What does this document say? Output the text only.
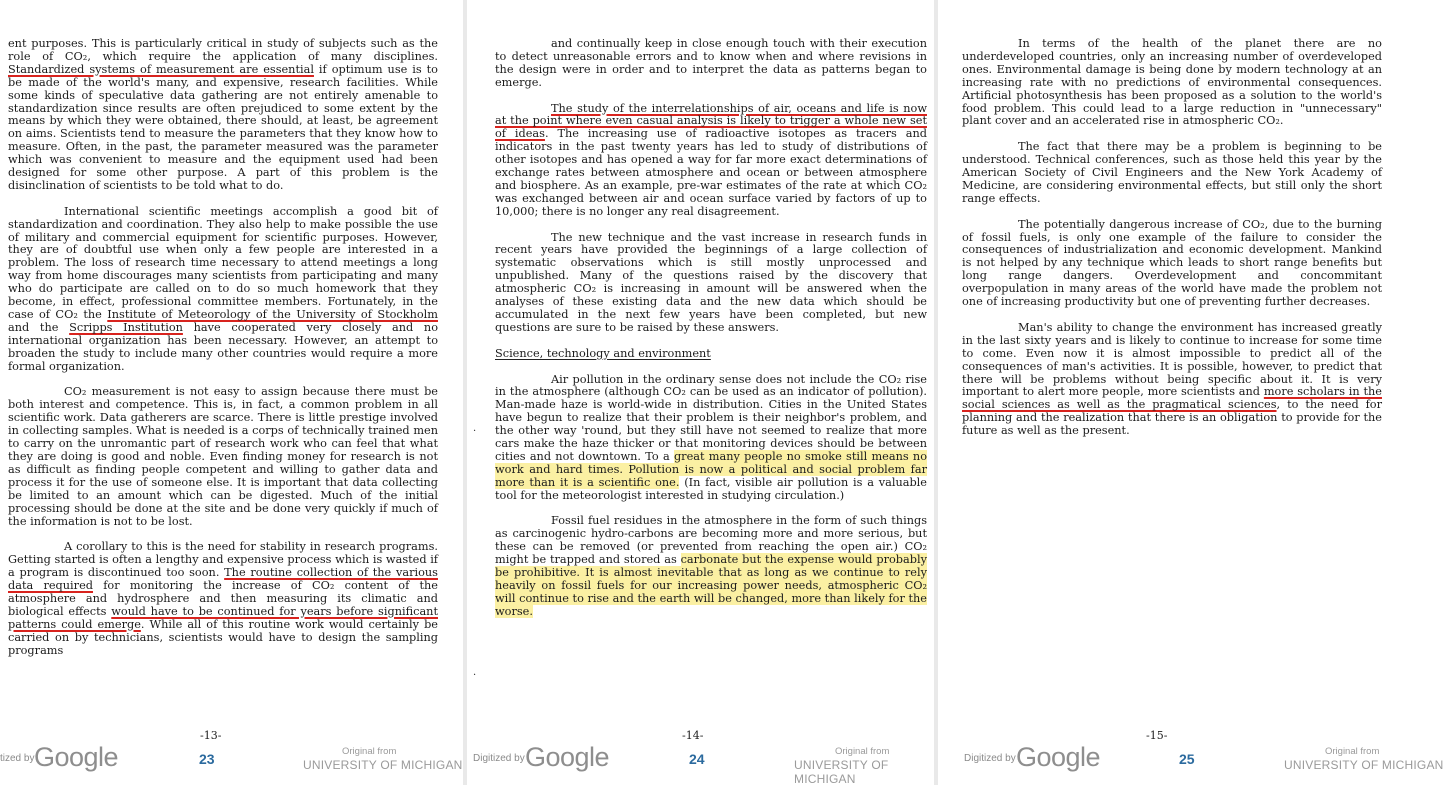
ent purposes. This is particularly critical in study of subjects such as the role of CO₂, which require the application of many disciplines. Standardized systems of measurement are essential if optimum use is to be made of the world's many, and expensive, research facilities. While some kinds of speculative data gathering are not entirely amenable to standardization since results are often prejudiced to some extent by the means by which they were obtained, there should, at least, be agreement on aims. Scientists tend to measure the parameters that they know how to measure. Often, in the past, the parameter measured was the parameter which was convenient to measure and the equipment used had been designed for some other purpose. A part of this problem is the disinclination of scientists to be told what to do.

International scientific meetings accomplish a good bit of standardization and coordination. They also help to make possible the use of military and commercial equipment for scientific purposes. However, they are of doubtful use when only a few people are interested in a problem. The loss of research time necessary to attend meetings a long way from home discourages many scientists from participating and many who do participate are called on to do so much homework that they become, in effect, professional committee members. Fortunately, in the case of CO₂ the Institute of Meteorology of the University of Stockholm and the Scripps Institution have cooperated very closely and no international organization has been necessary. However, an attempt to broaden the study to include many other countries would require a more formal organization.

CO₂ measurement is not easy to assign because there must be both interest and competence. This is, in fact, a common problem in all scientific work. Data gatherers are scarce. There is little prestige involved in collecting samples. What is needed is a corps of technically trained men to carry on the unromantic part of research work who can feel that what they are doing is good and noble. Even finding money for research is not as difficult as finding people competent and willing to gather data and process it for the use of someone else. It is important that data collecting be limited to an amount which can be digested. Much of the initial processing should be done at the site and be done very quickly if much of the information is not to be lost.

A corollary to this is the need for stability in research programs. Getting started is often a lengthy and expensive process which is wasted if a program is discontinued too soon. The routine collection of the various data required for monitoring the increase of CO₂ content of the atmosphere and hydrosphere and then measuring its climatic and biological effects would have to be continued for years before significant patterns could emerge. While all of this routine work would certainly be carried on by technicians, scientists would have to design the sampling programs

-13-
tized by Google	23	Original from
UNIVERSITY OF MICHIGAN

and continually keep in close enough touch with their execution to detect unreasonable errors and to know when and where revisions in the design were in order and to interpret the data as patterns began to emerge.

The study of the interrelationships of air, oceans and life is now at the point where even casual analysis is likely to trigger a whole new set of ideas. The increasing use of radioactive isotopes as tracers and indicators in the past twenty years has led to study of distributions of other isotopes and has opened a way for far more exact determinations of exchange rates between atmosphere and ocean or between atmosphere and biosphere. As an example, pre-war estimates of the rate at which CO₂ was exchanged between air and ocean surface varied by factors of up to 10,000; there is no longer any real disagreement.

The new technique and the vast increase in research funds in recent years have provided the beginnings of a large collection of systematic observations which is still mostly unprocessed and unpublished. Many of the questions raised by the discovery that atmospheric CO₂ is increasing in amount will be answered when the analyses of these existing data and the new data which should be accumulated in the next few years have been completed, but new questions are sure to be raised by these answers.

Science, technology and environment

Air pollution in the ordinary sense does not include the CO₂ rise in the atmosphere (although CO₂ can be used as an indicator of pollution). Man-made haze is world-wide in distribution. Cities in the United States have begun to realize that their problem is their neighbor's problem, and the other way 'round, but they still have not seemed to realize that more cars make the haze thicker or that monitoring devices should be between cities and not downtown. To a great many people no smoke still means no work and hard times. Pollution is now a political and social problem far more than it is a scientific one. (In fact, visible air pollution is a valuable tool for the meteorologist interested in studying circulation.)

Fossil fuel residues in the atmosphere in the form of such things as carcinogenic hydro-carbons are becoming more and more serious, but these can be removed (or prevented from reaching the open air.) CO₂ might be trapped and stored as carbonate but the expense would probably be prohibitive. It is almost inevitable that as long as we continue to rely heavily on fossil fuels for our increasing power needs, atmospheric CO₂ will continue to rise and the earth will be changed, more than likely for the worse.

·
·
-14-
Digitized by Google	24	Original from
UNIVERSITY OF MICHIGAN

In terms of the health of the planet there are no underdeveloped countries, only an increasing number of overdeveloped ones. Environmental damage is being done by modern technology at an increasing rate with no predictions of environmental consequences. Artificial photosynthesis has been proposed as a solution to the world's food problem. This could lead to a large reduction in "unnecessary" plant cover and an accelerated rise in atmospheric CO₂.

The fact that there may be a problem is beginning to be understood. Technical conferences, such as those held this year by the American Society of Civil Engineers and the New York Academy of Medicine, are considering environmental effects, but still only the short range effects.

The potentially dangerous increase of CO₂, due to the burning of fossil fuels, is only one example of the failure to consider the consequences of industrialization and economic development. Mankind is not helped by any technique which leads to short range benefits but long range dangers. Overdevelopment and concommitant overpopulation in many areas of the world have made the problem not one of increasing productivity but one of preventing further decreases.

Man's ability to change the environment has increased greatly in the last sixty years and is likely to continue to increase for some time to come. Even now it is almost impossible to predict all of the consequences of man's activities. It is possible, however, to predict that there will be problems without being specific about it. It is very important to alert more people, more scientists and more scholars in the social sciences as well as the pragmatical sciences, to the need for planning and the realization that there is an obligation to provide for the future as well as the present.

-15-
Digitized by Google	25	Original from
UNIVERSITY OF MICHIGAN
